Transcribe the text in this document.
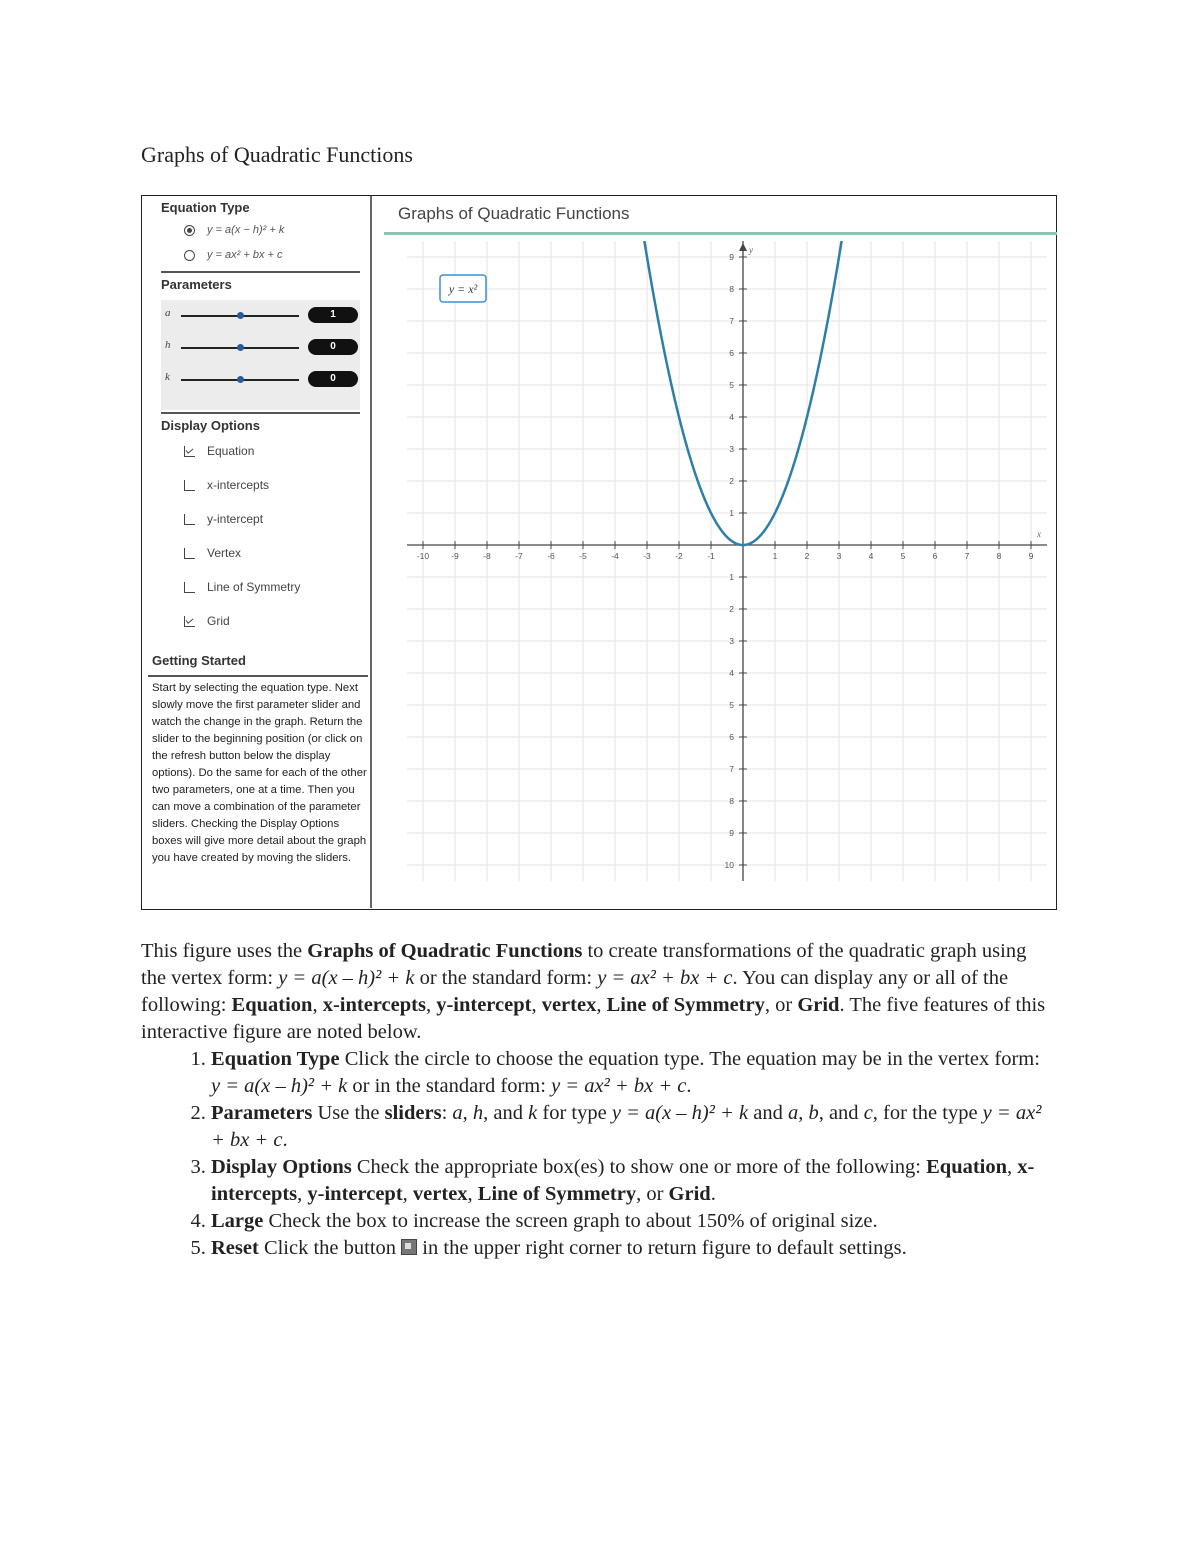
Graphs of Quadratic Functions
Equation Type
y = a(x − h)² + k
y = ax² + bx + c
Parameters
a	1
h	0
k	0
Display Options
Equation
x-intercepts
y-intercept
Vertex
Line of Symmetry
Grid
Getting Started
Start by selecting the equation type. Next slowly move the first parameter slider and watch the change in the graph. Return the slider to the beginning position (or click on the refresh button below the display options). Do the same for each of the other two parameters, one at a time. Then you can move a combination of the parameter sliders. Checking the Display Options boxes will give more detail about the graph you have created by moving the sliders.
Graphs of Quadratic Functions
x
y
-10	-9	-8	-7	-6	-5	-4	-3	-2	-1	1	2	3	4	5	6	7	8	9
10
9
8
7
6
5
4
3
2
1
1
2
3
4
5
6
7
8
9
y = x²

This figure uses the Graphs of Quadratic Functions to create transformations of the quadratic graph using the vertex form: y = a(x – h)² + k or the standard form: y = ax² + bx + c. You can display any or all of the following: Equation, x-intercepts, y-intercept, vertex, Line of Symmetry, or Grid. The five features of this interactive figure are noted below.

1. Equation Type Click the circle to choose the equation type. The equation may be in the vertex form: y = a(x – h)² + k or in the standard form: y = ax² + bx + c.
2. Parameters Use the sliders: a, h, and k for type y = a(x – h)² + k and a, b, and c, for the type y = ax² + bx + c.
3. Display Options Check the appropriate box(es) to show one or more of the following: Equation, x-intercepts, y-intercept, vertex, Line of Symmetry, or Grid.
4. Large Check the box to increase the screen graph to about 150% of original size.
5. Reset Click the button  in the upper right corner to return figure to default settings.
